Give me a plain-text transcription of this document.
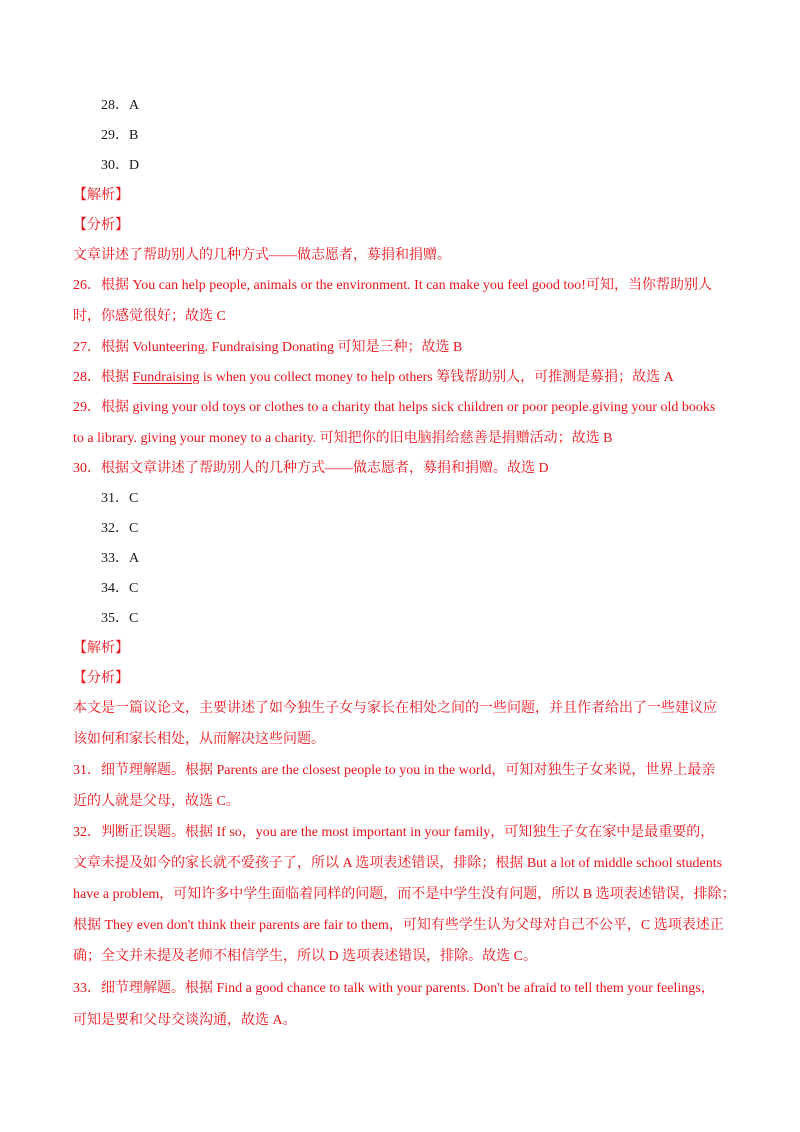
28．A
29．B
30．D
【解析】
【分析】
文章讲述了帮助别人的几种方式——做志愿者，募捐和捐赠。
26．根据 You can help people, animals or the environment. It can make you feel good too!可知，当你帮助别人
时，你感觉很好；故选 C
27．根据 Volunteering. Fundraising Donating 可知是三种；故选 B
28．根据 Fundraising is when you collect money to help others 筹钱帮助别人，可推测是募捐；故选 A
29．根据 giving your old toys or clothes to a charity that helps sick children or poor people.giving your old books
to a library. giving your money to a charity. 可知把你的旧电脑捐给慈善是捐赠活动；故选 B
30．根据文章讲述了帮助别人的几种方式——做志愿者，募捐和捐赠。故选 D
31．C
32．C
33．A
34．C
35．C
【解析】
【分析】
本文是一篇议论文，主要讲述了如今独生子女与家长在相处之间的一些问题，并且作者给出了一些建议应
该如何和家长相处，从而解决这些问题。
31．细节理解题。根据 Parents are the closest people to you in the world，可知对独生子女来说，世界上最亲
近的人就是父母，故选 C。
32．判断正误题。根据 If so，you are the most important in your family，可知独生子女在家中是最重要的，
文章未提及如今的家长就不爱孩子了，所以 A 选项表述错误，排除；根据 But a lot of middle school students
have a problem，可知许多中学生面临着同样的问题，而不是中学生没有问题，所以 B 选项表述错误，排除；
根据 They even don't think their parents are fair to them，可知有些学生认为父母对自己不公平，C 选项表述正
确；全文并未提及老师不相信学生，所以 D 选项表述错误，排除。故选 C。
33．细节理解题。根据 Find a good chance to talk with your parents. Don't be afraid to tell them your feelings，
可知是要和父母交谈沟通，故选 A。
